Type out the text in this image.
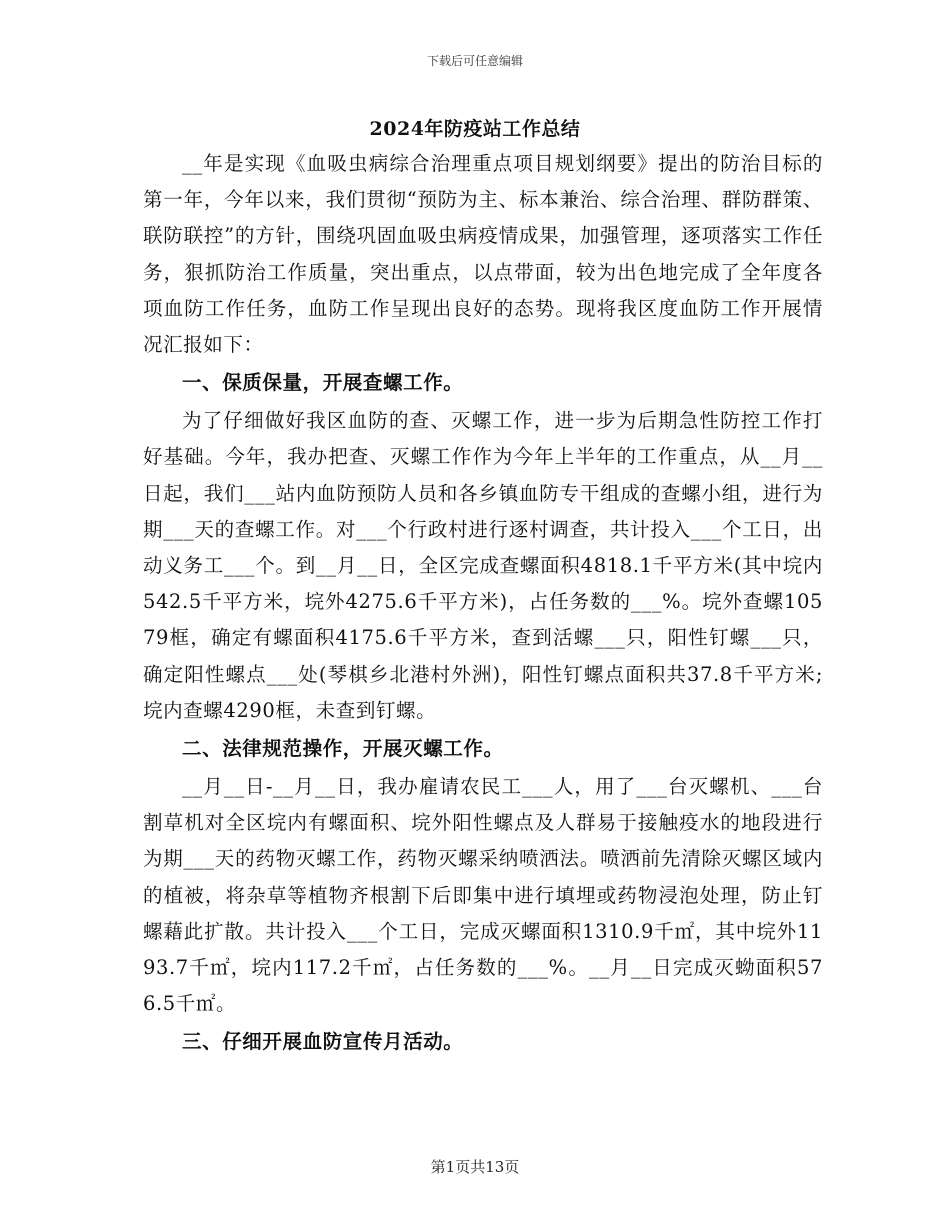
下载后可任意编辑
2024年防疫站工作总结

__年是实现《血吸虫病综合治理重点项目规划纲要》提出的防治目标的第一年，今年以来，我们贯彻“预防为主、标本兼治、综合治理、群防群策、联防联控”的方针，围绕巩固血吸虫病疫情成果，加强管理，逐项落实工作任务，狠抓防治工作质量，突出重点，以点带面，较为出色地完成了全年度各项血防工作任务，血防工作呈现出良好的态势。现将我区度血防工作开展情况汇报如下：

一、保质保量，开展查螺工作。

为了仔细做好我区血防的查、灭螺工作，进一步为后期急性防控工作打好基础。今年，我办把查、灭螺工作作为今年上半年的工作重点，从__月__日起，我们___站内血防预防人员和各乡镇血防专干组成的查螺小组，进行为期___天的查螺工作。对___个行政村进行逐村调查，共计投入___个工日，出动义务工___个。到__月__日，全区完成查螺面积4818.1千平方米(其中垸内542.5千平方米，垸外4275.6千平方米)，占任务数的___%。垸外查螺10579框，确定有螺面积4175.6千平方米，查到活螺___只，阳性钉螺___只，确定阳性螺点___处(琴棋乡北港村外洲)，阳性钉螺点面积共37.8千平方米;垸内查螺4290框，未查到钉螺。

二、法律规范操作，开展灭螺工作。

__月__日-__月__日，我办雇请农民工___人，用了___台灭螺机、___台割草机对全区垸内有螺面积、垸外阳性螺点及人群易于接触疫水的地段进行为期___天的药物灭螺工作，药物灭螺采纳喷洒法。喷洒前先清除灭螺区域内的植被，将杂草等植物齐根割下后即集中进行填埋或药物浸泡处理，防止钉螺藉此扩散。共计投入___个工日，完成灭螺面积1310.9千㎡，其中垸外1193.7千㎡，垸内117.2千㎡，占任务数的___%。__月__日完成灭蚴面积576.5千㎡。

三、仔细开展血防宣传月活动。

第1页共13页
